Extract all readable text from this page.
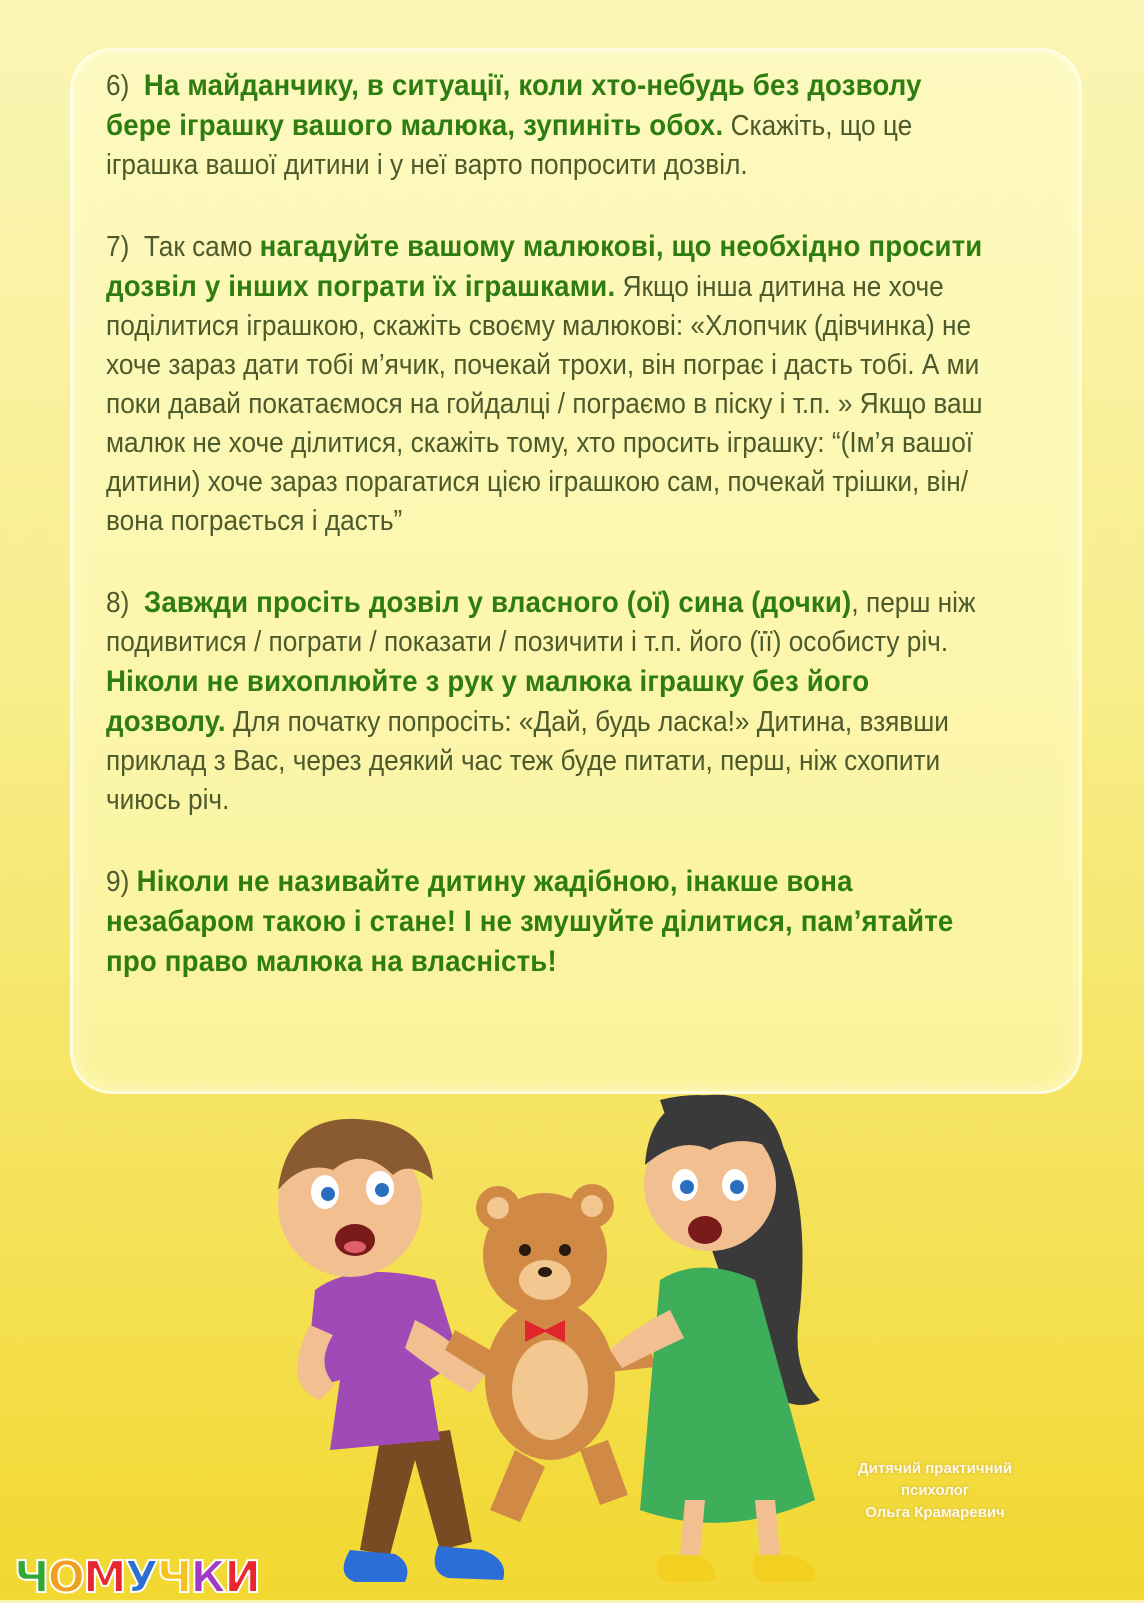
6) На майданчику, в ситуації, коли хто-небудь без дозволу бере іграшку вашого малюка, зупиніть обох. Скажіть, що це іграшка вашої дитини і у неї варто попросити дозвіл.

7) Так само нагадуйте вашому малюкові, що необхідно просити дозвіл у інших пограти їх іграшками. Якщо інша дитина не хоче поділитися іграшкою, скажіть своєму малюкові: «Хлопчик (дівчинка) не хоче зараз дати тобі м’ячик, почекай трохи, він пограє і дасть тобі. А ми поки давай покатаємося на гойдалці / пограємо в піску і т.п. » Якщо ваш малюк не хоче ділитися, скажіть тому, хто просить іграшку: “(Ім’я вашої дитини) хоче зараз порагатися цією іграшкою сам, почекай трішки, він/ вона пограється і дасть”

8) Завжди просіть дозвіл у власного (ої) сина (дочки), перш ніж подивитися / пограти / показати / позичити і т.п. його (її) особисту річ. Ніколи не вихоплюйте з рук у малюка іграшку без його дозволу. Для початку попросіть: «Дай, будь ласка!» Дитина, взявши приклад з Вас, через деякий час теж буде питати, перш, ніж схопити чиюсь річ.

9) Ніколи не називайте дитину жадібною, інакше вона незабаром такою і стане! І не змушуйте ділитися, пам’ятайте про право малюка на власність!

Дитячий практичний
психолог
Ольга Крамаревич
ЧОМУЧКИ
